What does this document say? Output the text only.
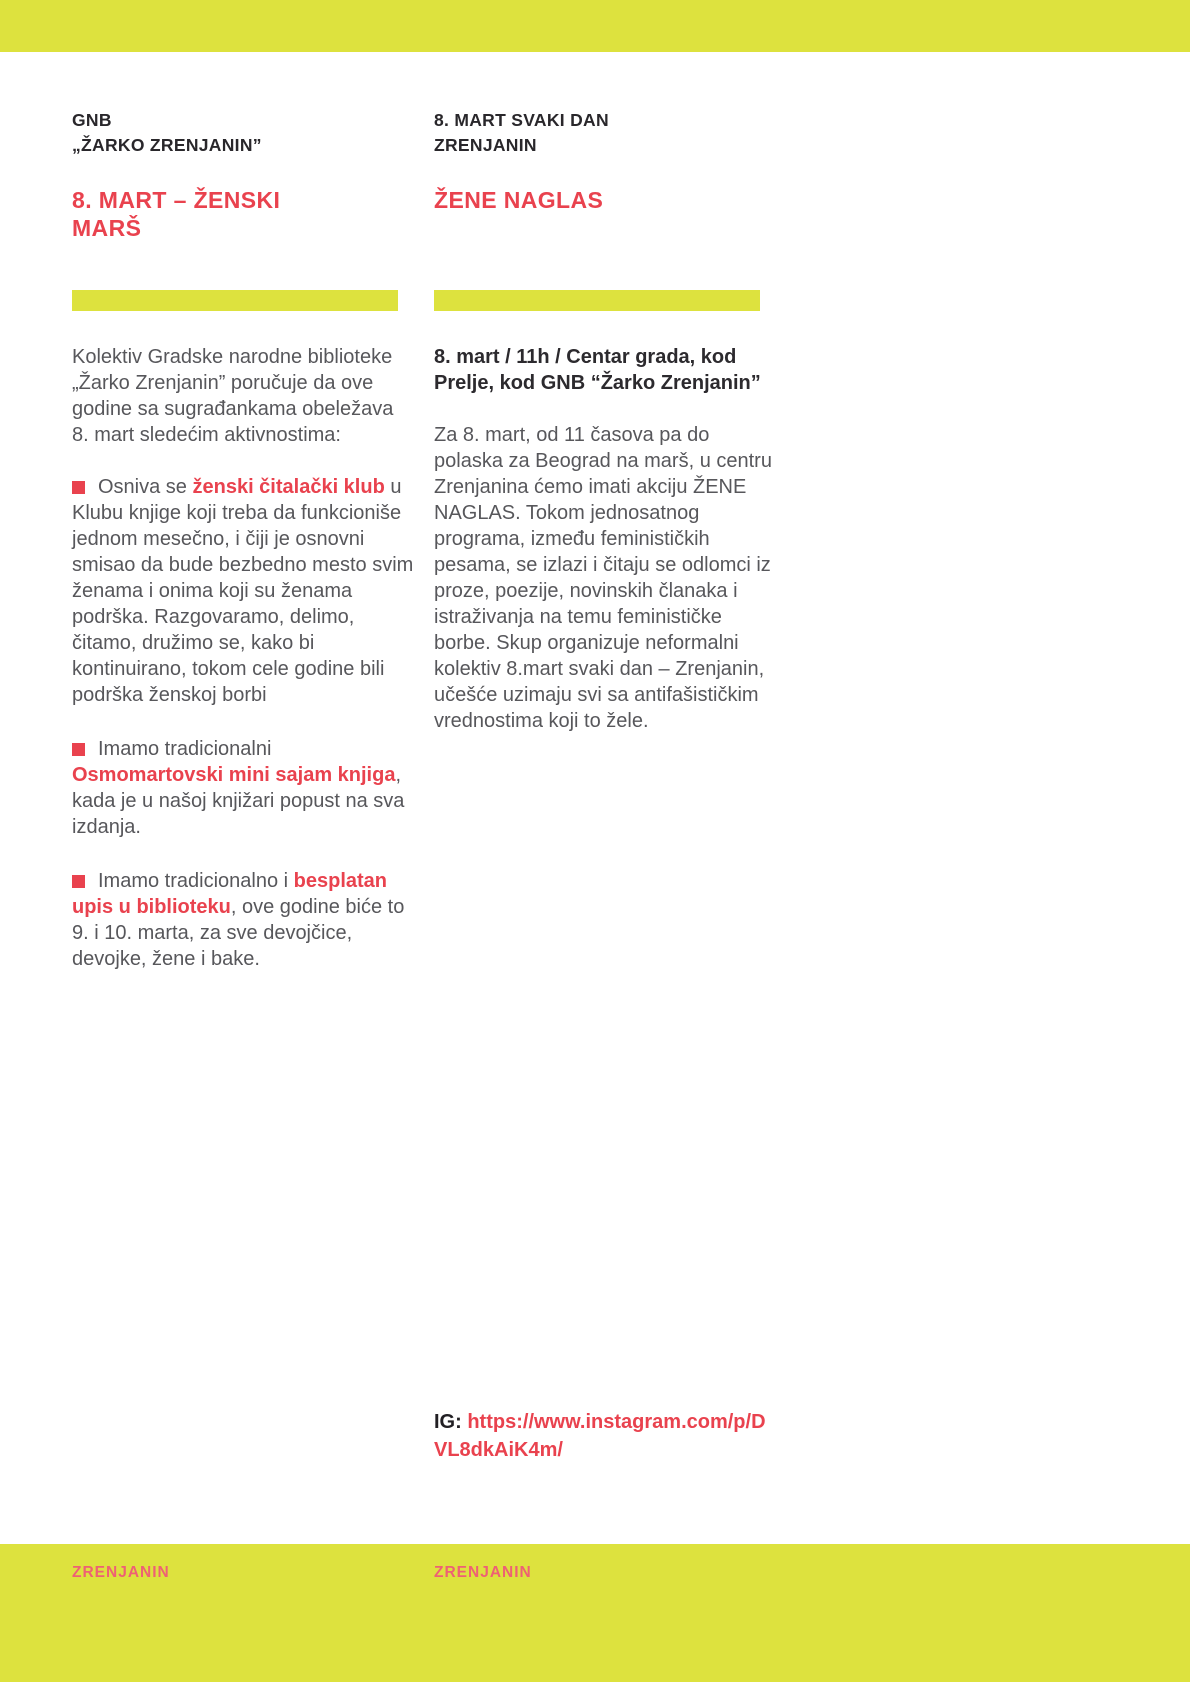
GNB
„ŽARKO ZRENJANIN”
8. MART – ŽENSKI MARŠ

Kolektiv Gradske narodne biblioteke „Žarko Zrenjanin” poručuje da ove godine sa sugrađankama obeležava 8. mart sledećim aktivnostima:

Osniva se ženski čitalački klub u Klubu knjige koji treba da funkcioniše jednom mesečno, i čiji je osnovni smisao da bude bezbedno mesto svim ženama i onima koji su ženama podrška. Razgovaramo, delimo, čitamo, družimo se, kako bi kontinuirano, tokom cele godine bili podrška ženskoj borbi
Imamo tradicionalni Osmomartovski mini sajam knjiga, kada je u našoj knjižari popust na sva izdanja.
Imamo tradicionalno i besplatan upis u biblioteku, ove godine biće to 9. i 10. marta, za sve devojčice, devojke, žene i bake.
8. MART SVAKI DAN
ZRENJANIN
ŽENE NAGLAS

8. mart / 11h / Centar grada, kod Prelje, kod GNB “Žarko Zrenjanin”

Za 8. mart, od 11 časova pa do polaska za Beograd na marš, u centru Zrenjanina ćemo imati akciju ŽENE NAGLAS. Tokom jednosatnog programa, između feminističkih pesama, se izlazi i čitaju se odlomci iz proze, poezije, novinskih članaka i istraživanja na temu feminističke borbe. Skup organizuje neformalni kolektiv 8.mart svaki dan – Zrenjanin, učešće uzimaju svi sa antifašističkim vrednostima koji to žele.

IG: https://www.instagram.com/p/DVL8dkAiK4m/
ZRENJANIN	ZRENJANIN
